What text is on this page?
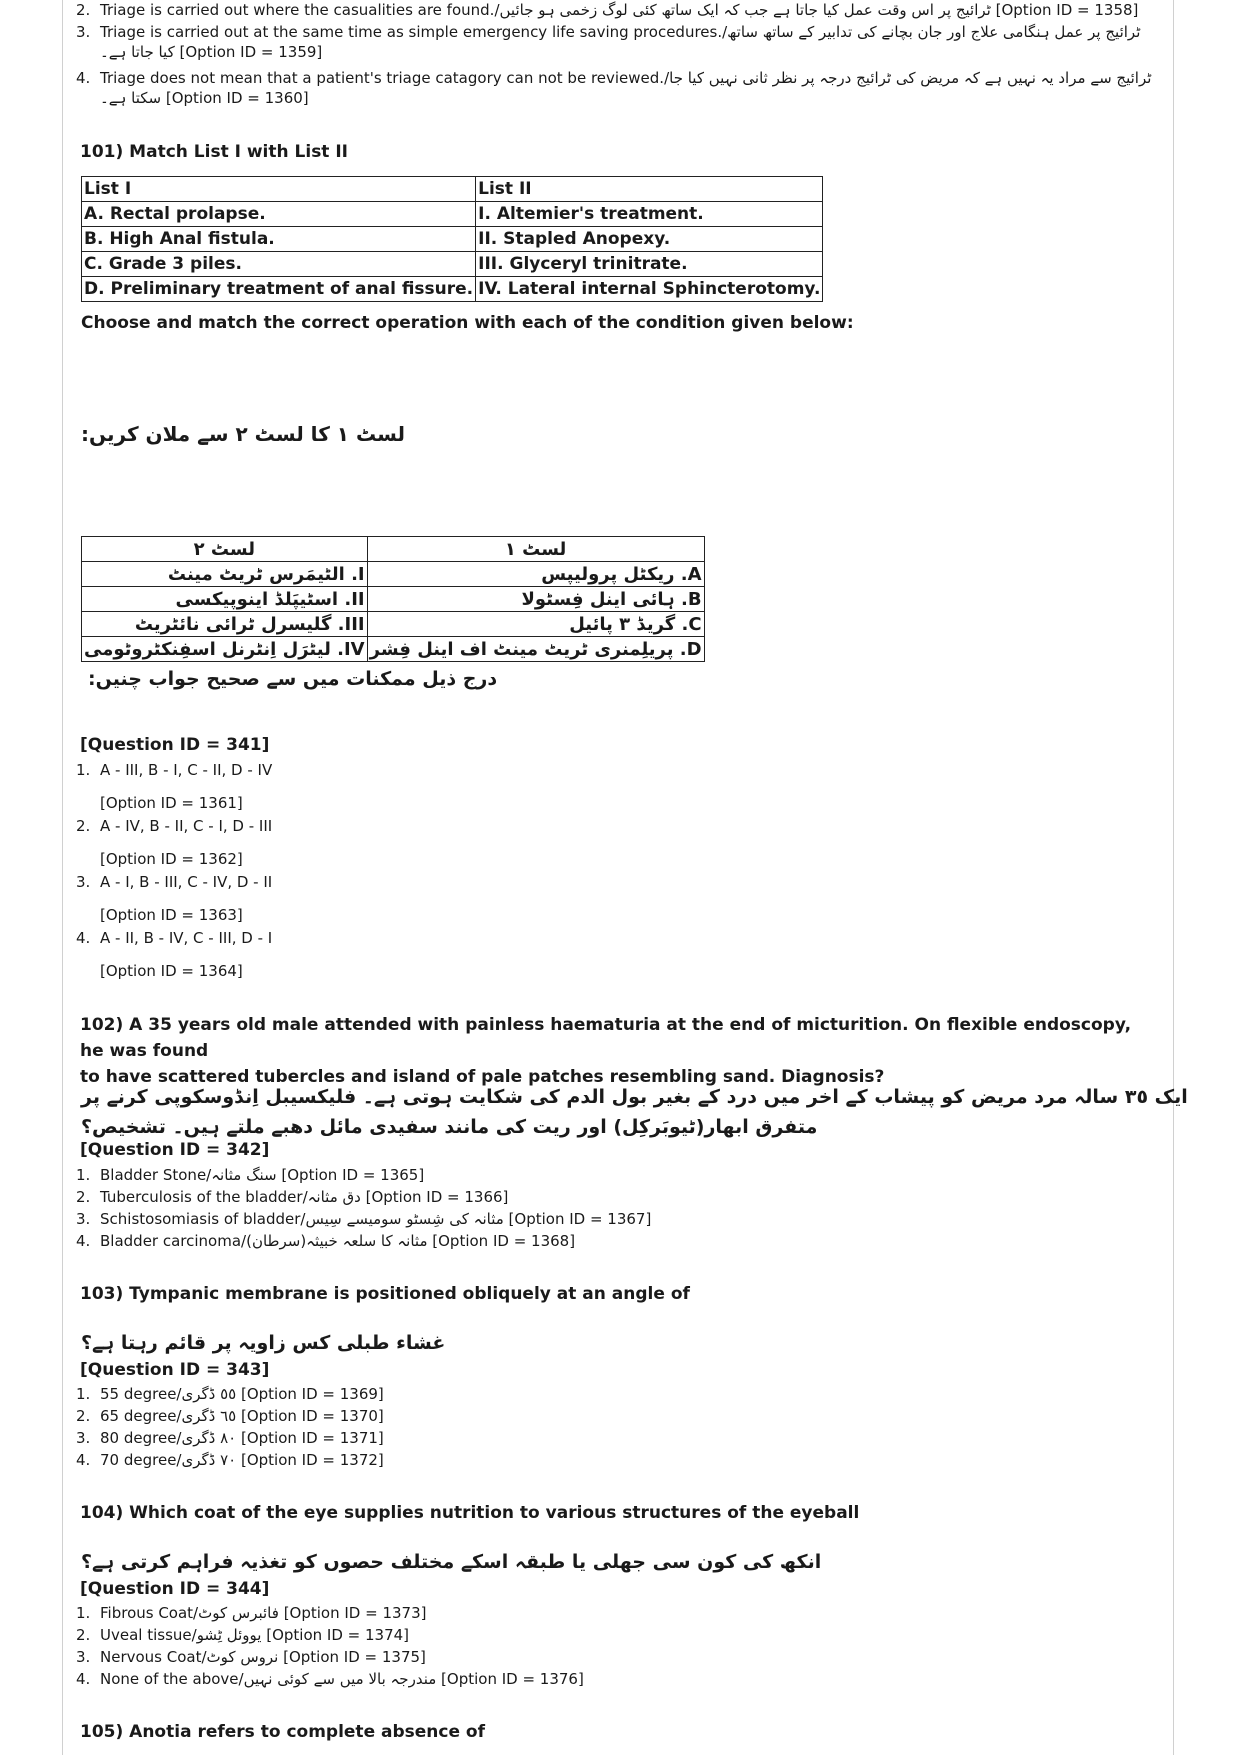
2. Triage is carried out where the casualities are found./ٹرائیج پر اس وقت عمل کیا جاتا ہے جب کہ ایک ساتھ کئی لوگ زخمی ہو جائیں [Option ID = 1358]
3. Triage is carried out at the same time as simple emergency life saving procedures./ٹرائیج پر عمل ہنگامی علاج اور جان بچانے کی تدابیر کے ساتھ ساتھ
کیا جاتا ہے۔ [Option ID = 1359]
4. Triage does not mean that a patient's triage catagory can not be reviewed./ٹرائیج سے مراد یہ نہیں ہے کہ مریض کی ٹرائیج درجہ پر نظر ثانی نہیں کیا جا
سکتا ہے۔ [Option ID = 1360]
101) Match List I with List II
List I	List II
A. Rectal prolapse.	I. Altemier's treatment.
B. High Anal fistula.	II. Stapled Anopexy.
C. Grade 3 piles.	III. Glyceryl trinitrate.
D. Preliminary treatment of anal fissure.	IV. Lateral internal Sphincterotomy.
Choose and match the correct operation with each of the condition given below:
لسٹ ١ کا لسٹ ٢ سے ملان کریں:
لسٹ ٢	لسٹ ١
I. الٹیمَرس ٹریٹ مینٹ	A. ریکٹل پرولیپس
II. اسٹیپَلڈ اینوپیکسی	B. ہائی اینل فِسٹولا
III. گلیسرل ٹرائی نائٹریٹ	C. گریڈ ٣ پائیل
IV. لیٹرَل اِنٹرنل اسفِنکٹروٹومی	D. پریلِمنری ٹریٹ مینٹ اف اینل فِشر
درج ذیل ممکنات میں سے صحیح جواب چنیں:
[Question ID = 341]
1. A - III, B - I, C - II, D - IV
[Option ID = 1361]
2. A - IV, B - II, C - I, D - III
[Option ID = 1362]
3. A - I, B - III, C - IV, D - II
[Option ID = 1363]
4. A - II, B - IV, C - III, D - I
[Option ID = 1364]
102) A 35 years old male attended with painless haematuria at the end of micturition. On flexible endoscopy, he was found
to have scattered tubercles and island of pale patches resembling sand. Diagnosis?
ایک ٣٥ سالہ مرد مریض کو پیشاب کے اخر میں درد کے بغیر بول الدم کی شکایت ہوتی ہے۔ فلیکسیبل اِنڈوسکوپی کرنے پر
متفرق ابھار(ٹیوبَرکِل) اور ریت کی مانند سفیدی مائل دھبے ملتے ہیں۔ تشخیص؟
[Question ID = 342]
1. Bladder Stone/سنگ مثانہ [Option ID = 1365]
2. Tuberculosis of the bladder/دق مثانہ [Option ID = 1366]
3. Schistosomiasis of bladder/مثانہ کی شِسٹو سومیسے سِیس [Option ID = 1367]
4. Bladder carcinoma/(مثانہ کا سلعہ خبیثہ(سرطان [Option ID = 1368]
103) Tympanic membrane is positioned obliquely at an angle of
غشاء طبلی کس زاویہ پر قائم رہتا ہے؟
[Question ID = 343]
1. 55 degree/٥٥ ڈگری [Option ID = 1369]
2. 65 degree/٦٥ ڈگری [Option ID = 1370]
3. 80 degree/٨٠ ڈگری [Option ID = 1371]
4. 70 degree/٧٠ ڈگری [Option ID = 1372]
104) Which coat of the eye supplies nutrition to various structures of the eyeball
انکھ کی کون سی جھلی یا طبقہ اسکے مختلف حصوں کو تغذیہ فراہم کرتی ہے؟
[Question ID = 344]
1. Fibrous Coat/فائبرس کوٹ [Option ID = 1373]
2. Uveal tissue/یووئل ٹِشو [Option ID = 1374]
3. Nervous Coat/نروس کوٹ [Option ID = 1375]
4. None of the above/مندرجہ بالا میں سے کوئی نہیں [Option ID = 1376]
105) Anotia refers to complete absence of
